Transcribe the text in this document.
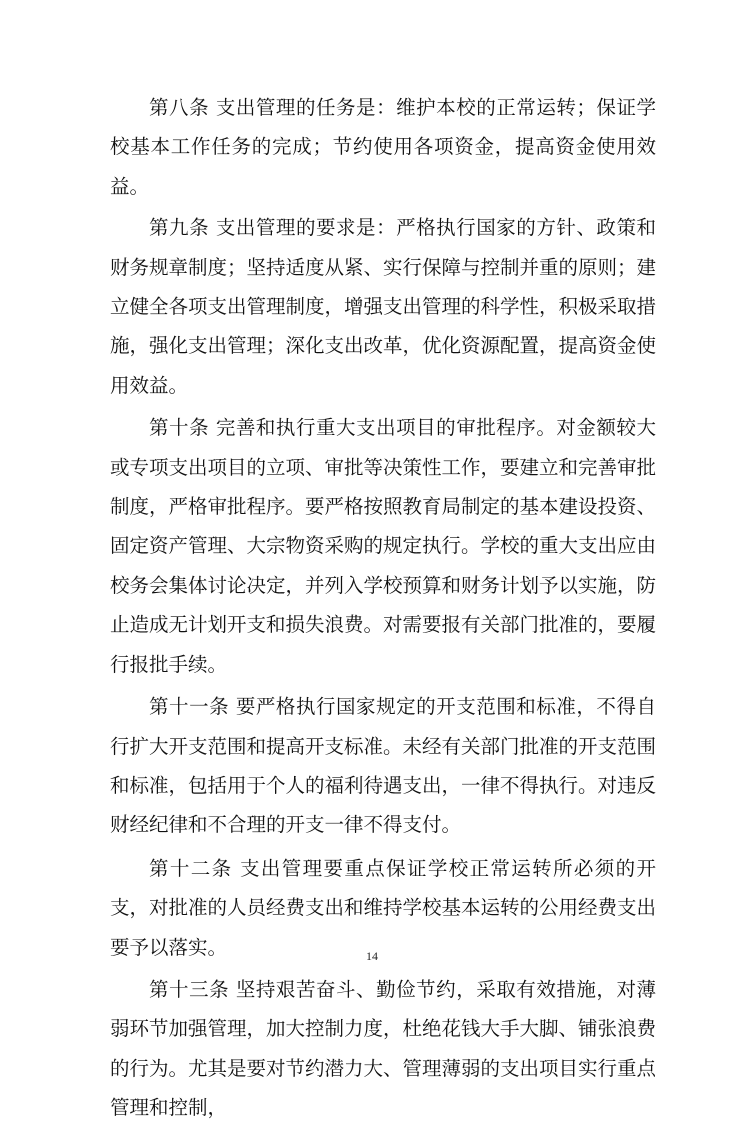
第八条 支出管理的任务是：维护本校的正常运转；保证学校基本工作任务的完成；节约使用各项资金，提高资金使用效益。

第九条 支出管理的要求是：严格执行国家的方针、政策和财务规章制度；坚持适度从紧、实行保障与控制并重的原则；建立健全各项支出管理制度，增强支出管理的科学性，积极采取措施，强化支出管理；深化支出改革，优化资源配置，提高资金使用效益。

第十条 完善和执行重大支出项目的审批程序。对金额较大或专项支出项目的立项、审批等决策性工作，要建立和完善审批制度，严格审批程序。要严格按照教育局制定的基本建设投资、固定资产管理、大宗物资采购的规定执行。学校的重大支出应由校务会集体讨论决定，并列入学校预算和财务计划予以实施，防止造成无计划开支和损失浪费。对需要报有关部门批准的，要履行报批手续。

第十一条 要严格执行国家规定的开支范围和标准，不得自行扩大开支范围和提高开支标准。未经有关部门批准的开支范围和标准，包括用于个人的福利待遇支出，一律不得执行。对违反财经纪律和不合理的开支一律不得支付。

第十二条 支出管理要重点保证学校正常运转所必须的开支，对批准的人员经费支出和维持学校基本运转的公用经费支出要予以落实。

第十三条 坚持艰苦奋斗、勤俭节约，采取有效措施，对薄弱环节加强管理，加大控制力度，杜绝花钱大手大脚、铺张浪费的行为。尤其是要对节约潜力大、管理薄弱的支出项目实行重点管理和控制，

14
